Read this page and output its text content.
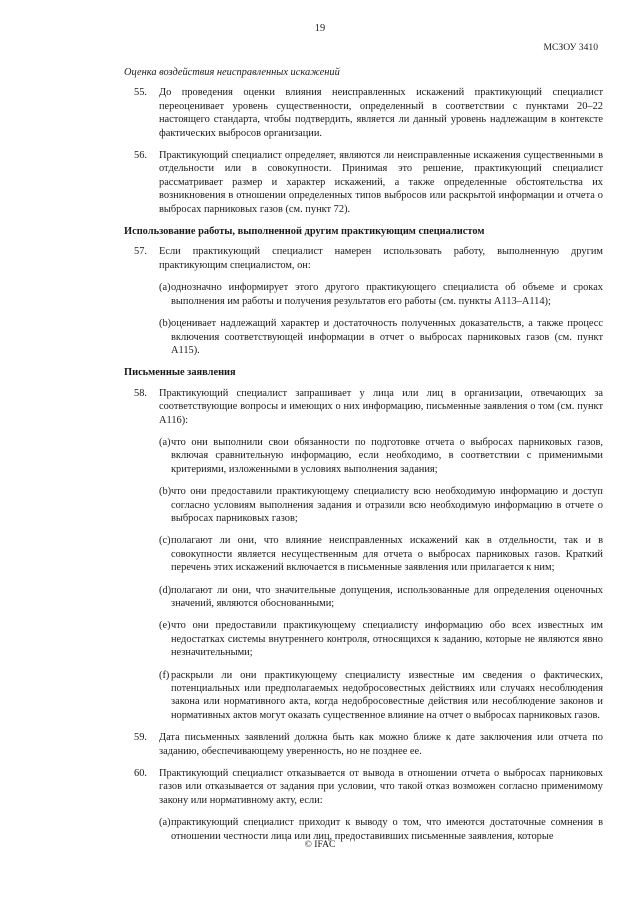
19
МСЗОУ 3410
Оценка воздействия неисправленных искажений
55. До проведения оценки влияния неисправленных искажений практикующий специалист переоценивает уровень существенности, определенный в соответствии с пунктами 20–22 настоящего стандарта, чтобы подтвердить, является ли данный уровень надлежащим в контексте фактических выбросов организации.
56. Практикующий специалист определяет, являются ли неисправленные искажения существенными в отдельности или в совокупности. Принимая это решение, практикующий специалист рассматривает размер и характер искажений, а также определенные обстоятельства их возникновения в отношении определенных типов выбросов или раскрытой информации и отчета о выбросах парниковых газов (см. пункт 72).
Использование работы, выполненной другим практикующим специалистом
57. Если практикующий специалист намерен использовать работу, выполненную другим практикующим специалистом, он:
(a) однозначно информирует этого другого практикующего специалиста об объеме и сроках выполнения им работы и получения результатов его работы (см. пункты А113–А114);
(b) оценивает надлежащий характер и достаточность полученных доказательств, а также процесс включения соответствующей информации в отчет о выбросах парниковых газов (см. пункт А115).
Письменные заявления
58. Практикующий специалист запрашивает у лица или лиц в организации, отвечающих за соответствующие вопросы и имеющих о них информацию, письменные заявления о том (см. пункт А116):
(a) что они выполнили свои обязанности по подготовке отчета о выбросах парниковых газов, включая сравнительную информацию, если необходимо, в соответствии с применимыми критериями, изложенными в условиях выполнения задания;
(b) что они предоставили практикующему специалисту всю необходимую информацию и доступ согласно условиям выполнения задания и отразили всю необходимую информацию в отчете о выбросах парниковых газов;
(c) полагают ли они, что влияние неисправленных искажений как в отдельности, так и в совокупности является несущественным для отчета о выбросах парниковых газов. Краткий перечень этих искажений включается в письменные заявления или прилагается к ним;
(d) полагают ли они, что значительные допущения, использованные для определения оценочных значений, являются обоснованными;
(e) что они предоставили практикующему специалисту информацию обо всех известных им недостатках системы внутреннего контроля, относящихся к заданию, которые не являются явно незначительными;
(f) раскрыли ли они практикующему специалисту известные им сведения о фактических, потенциальных или предполагаемых недобросовестных действиях или случаях несоблюдения закона или нормативного акта, когда недобросовестные действия или несоблюдение законов и нормативных актов могут оказать существенное влияние на отчет о выбросах парниковых газов.
59. Дата письменных заявлений должна быть как можно ближе к дате заключения или отчета по заданию, обеспечивающему уверенность, но не позднее ее.
60. Практикующий специалист отказывается от вывода в отношении отчета о выбросах парниковых газов или отказывается от задания при условии, что такой отказ возможен согласно применимому закону или нормативному акту, если:
(a) практикующий специалист приходит к выводу о том, что имеются достаточные сомнения в отношении честности лица или лиц, предоставивших письменные заявления, которые
© IFAC
